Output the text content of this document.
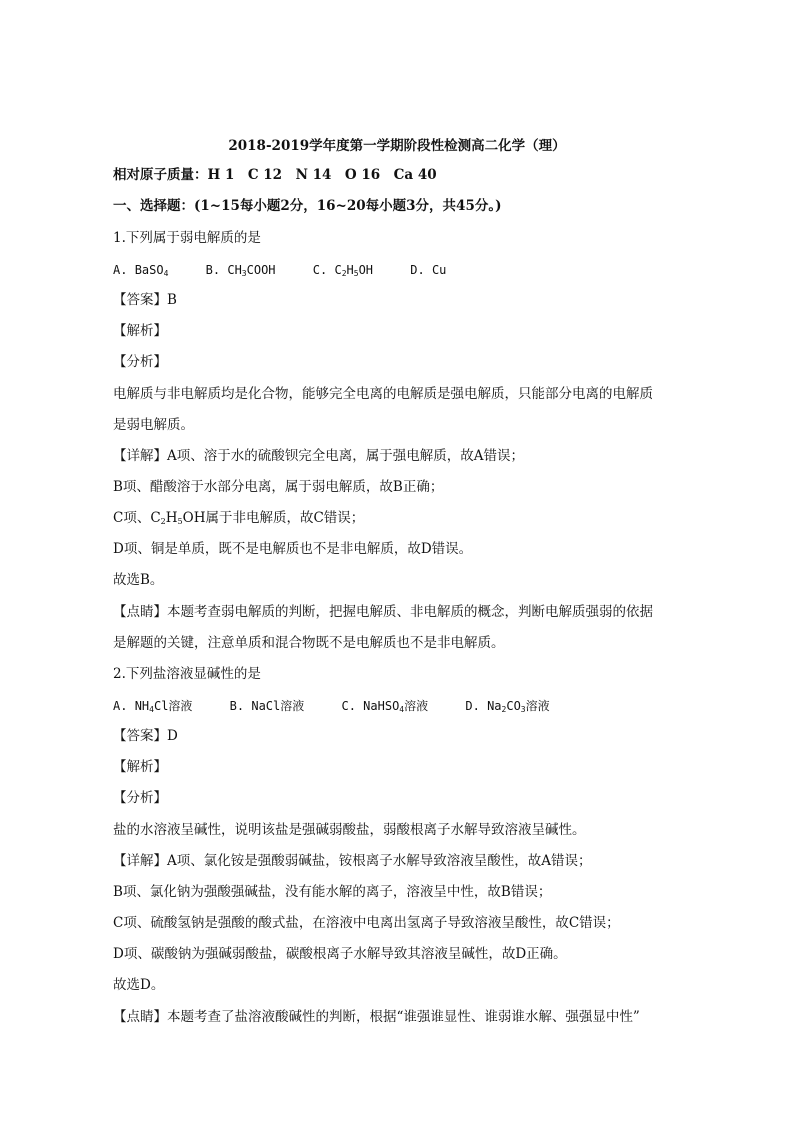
2018-2019学年度第一学期阶段性检测高二化学（理）
相对原子质量：H 1　C 12　N 14　O 16　Ca 40
一、选择题：(1~15每小题2分，16~20每小题3分，共45分。)
1.下列属于弱电解质的是
A. BaSO$_4$	B. $CH_3COOH$	C. $C_2H_5OH$	D. Cu
【答案】B
【解析】
【分析】
电解质与非电解质均是化合物，能够完全电离的电解质是强电解质，只能部分电离的电解质
是弱电解质。
【详解】A项、溶于水的硫酸钡完全电离，属于强电解质，故A错误；
B项、醋酸溶于水部分电离，属于弱电解质，故B正确；
C项、$C_2H_5OH$属于非电解质，故C错误；
D项、铜是单质，既不是电解质也不是非电解质，故D错误。
故选B。
【点睛】本题考查弱电解质的判断，把握电解质、非电解质的概念，判断电解质强弱的依据
是解题的关键，注意单质和混合物既不是电解质也不是非电解质。
2.下列盐溶液显碱性的是
A. $NH_4Cl$溶液	B. NaCl溶液	C. NaHSO$_4$溶液	D. $Na_2CO_3$溶液
【答案】D
【解析】
【分析】
盐的水溶液呈碱性，说明该盐是强碱弱酸盐，弱酸根离子水解导致溶液呈碱性。
【详解】A项、氯化铵是强酸弱碱盐，铵根离子水解导致溶液呈酸性，故A错误；
B项、氯化钠为强酸强碱盐，没有能水解的离子，溶液呈中性，故B错误；
C项、硫酸氢钠是强酸的酸式盐，在溶液中电离出氢离子导致溶液呈酸性，故C错误；
D项、碳酸钠为强碱弱酸盐，碳酸根离子水解导致其溶液呈碱性，故D正确。
故选D。
【点睛】本题考查了盐溶液酸碱性的判断，根据“谁强谁显性、谁弱谁水解、强强显中性”
